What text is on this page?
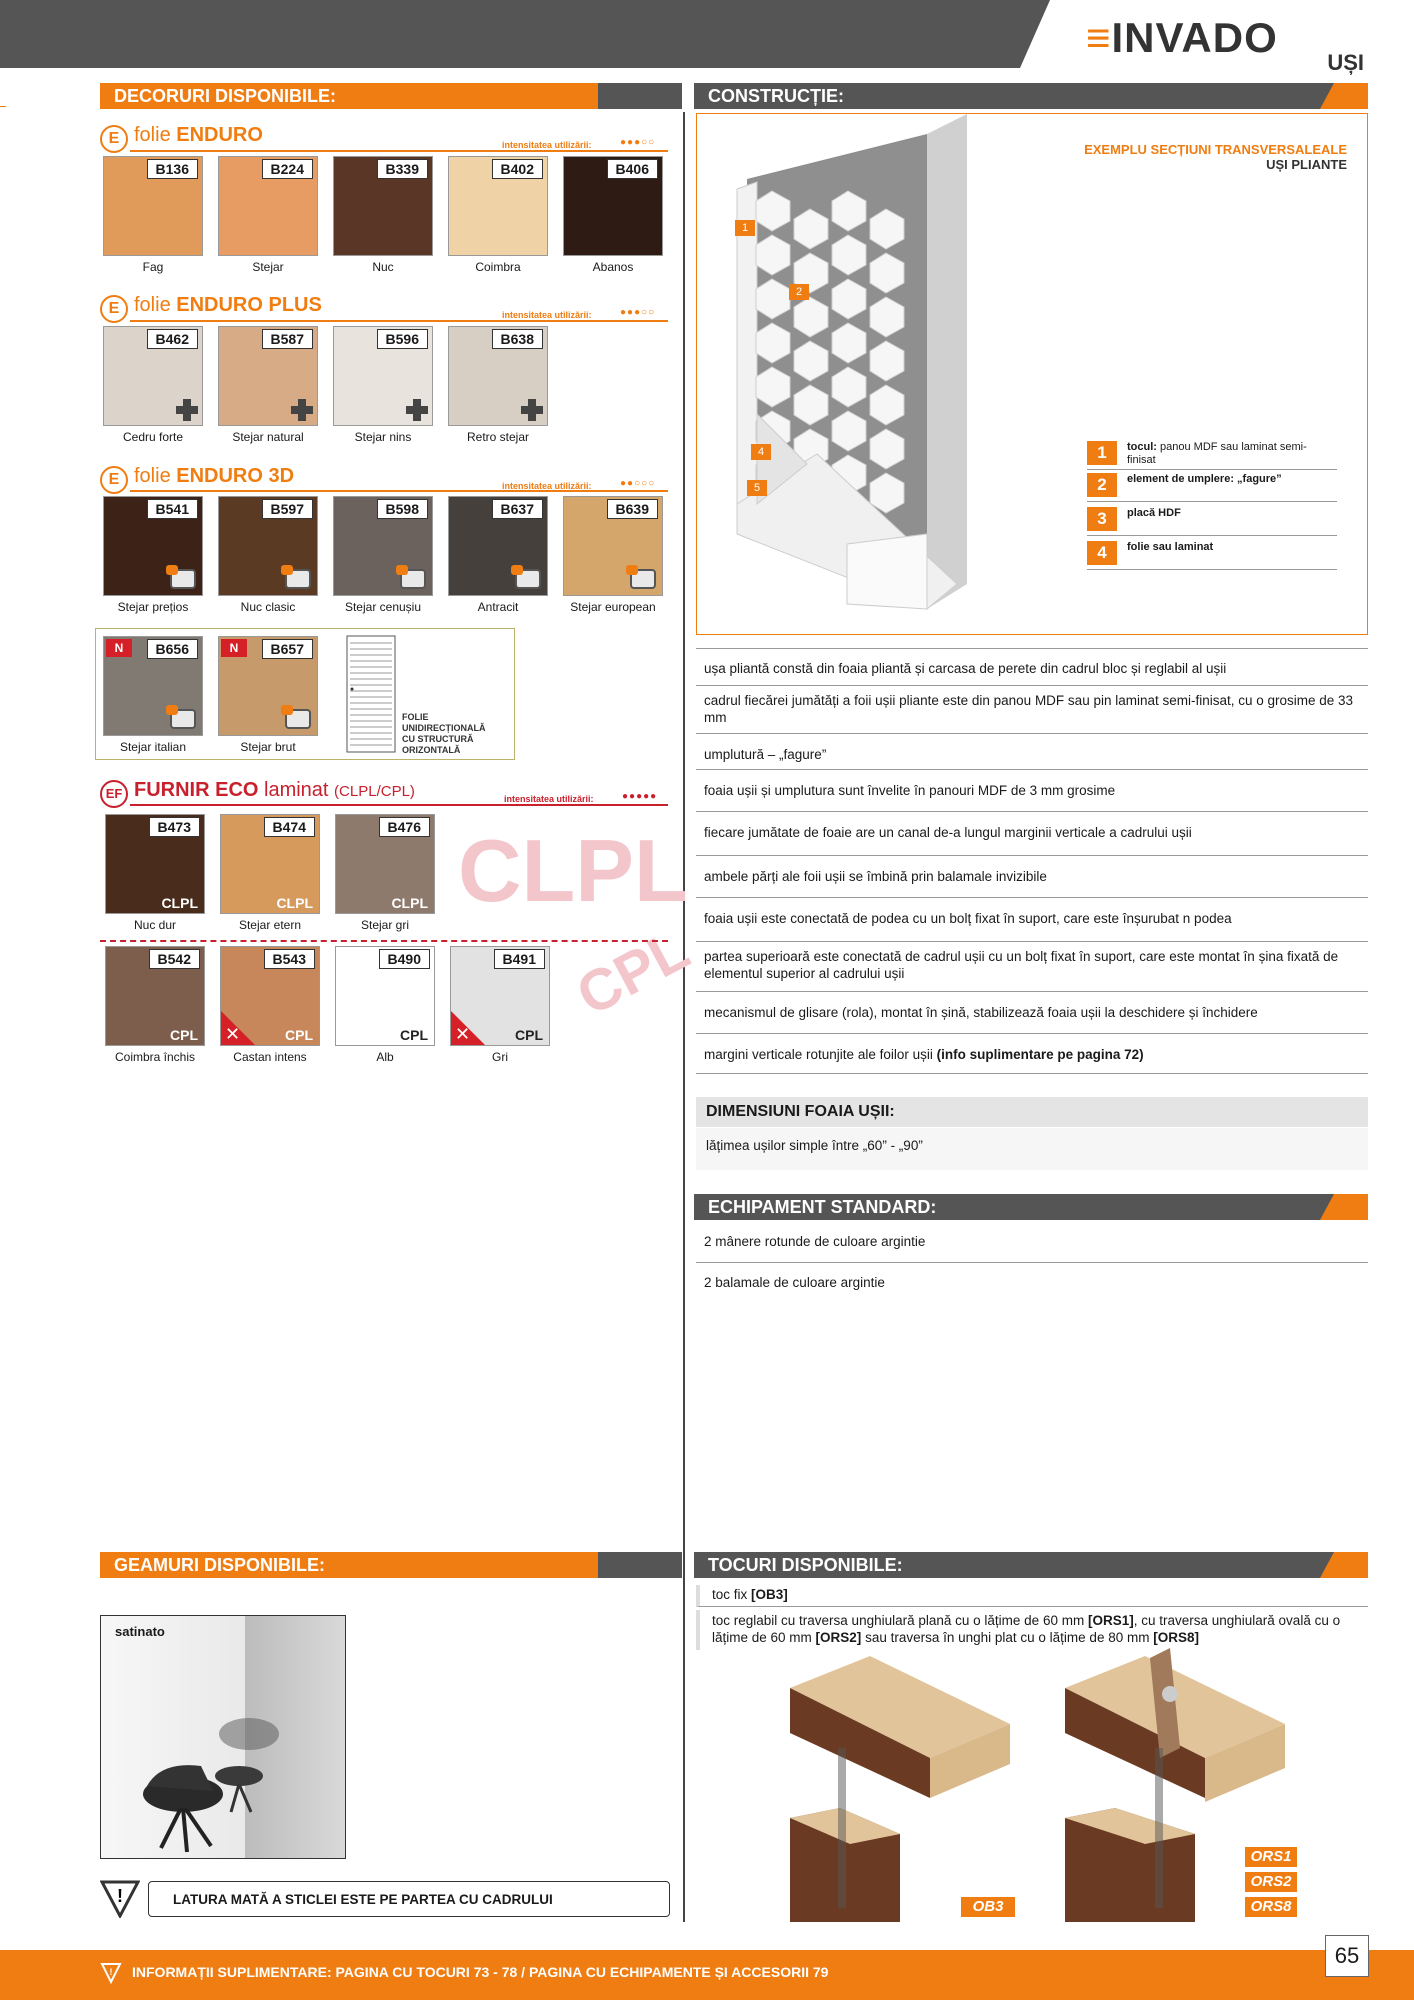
≡INVADO
UȘI
DECORURI DISPONIBILE:
E folie ENDURO	intensitatea utilizării:	●●●○○
B136
Fag
B224
Stejar
B339
Nuc
B402
Coimbra
B406
Abanos
E folie ENDURO PLUS	intensitatea utilizării:	●●●○○
B462
Cedru forte
B587
Stejar natural
B596
Stejar nins
B638
Retro stejar
E folie ENDURO 3D	intensitatea utilizării:	●●○○○
B541
Stejar prețios
B597
Nuc clasic
B598
Stejar cenușiu
B637
Antracit
B639
Stejar european
B656
N
Stejar italian
B657
N
Stejar brut
FOLIE
UNIDIRECȚIONALĂ
CU STRUCTURĂ
ORIZONTALĂ
EF FURNIR ECO laminat (CLPL/CPL)	intensitatea utilizării:	●●●●●
CLPL
CPL
B473
CLPL
Nuc dur
B474
CLPL
Stejar etern
B476
CLPL
Stejar gri
B542
CPL
Coimbra închis
B543
CPL
✕
Castan intens
B490
CPL
Alb
B491
CPL
✕
Gri
CONSTRUCȚIE:
EXEMPLU SECȚIUNI TRANSVERSALEALE
UȘI PLIANTE
1
2
4
5
1	tocul: panou MDF sau laminat semi-finisat
2	element de umplere: „fagure”
3	placă HDF
4	folie sau laminat
ușa pliantă constă din foaia pliantă și carcasa de perete din cadrul bloc și reglabil al ușii
cadrul fiecărei jumătăți a foii ușii pliante este din panou MDF sau pin laminat semi-finisat, cu o grosime de 33 mm
umplutură – „fagure”
foaia ușii și umplutura sunt învelite în panouri MDF de 3 mm grosime
fiecare jumătate de foaie are un canal de-a lungul marginii verticale a cadrului ușii
ambele părți ale foii ușii se îmbină prin balamale invizibile
foaia ușii este conectată de podea cu un bolț fixat în suport, care este înșurubat n podea
partea superioară este conectată de cadrul ușii cu un bolț fixat în suport, care este montat în șina fixată de elementul superior al cadrului ușii
mecanismul de glisare (rola), montat în șină, stabilizează foaia ușii la deschidere și închidere
margini verticale rotunjite ale foilor ușii (info suplimentare pe pagina 72)
DIMENSIUNI FOAIA UȘII:
lățimea ușilor simple între „60” - „90”
ECHIPAMENT STANDARD:
2 mânere rotunde de culoare argintie
2 balamale de culoare argintie
GEAMURI DISPONIBILE:
satinato
!	LATURA MATĂ A STICLEI ESTE PE PARTEA CU CADRULUI
TOCURI DISPONIBILE:
toc fix [OB3]
toc reglabil cu traversa unghiulară plană cu o lățime de 60 mm [ORS1], cu traversa unghiulară ovală cu o lățime de 60 mm [ORS2] sau traversa în unghi plat cu o lățime de 80 mm [ORS8]
OB3
ORS1
ORS2
ORS8
! INFORMAȚII SUPLIMENTARE: PAGINA CU TOCURI 73 - 78 / PAGINA CU ECHIPAMENTE ȘI ACCESORII 79
65
